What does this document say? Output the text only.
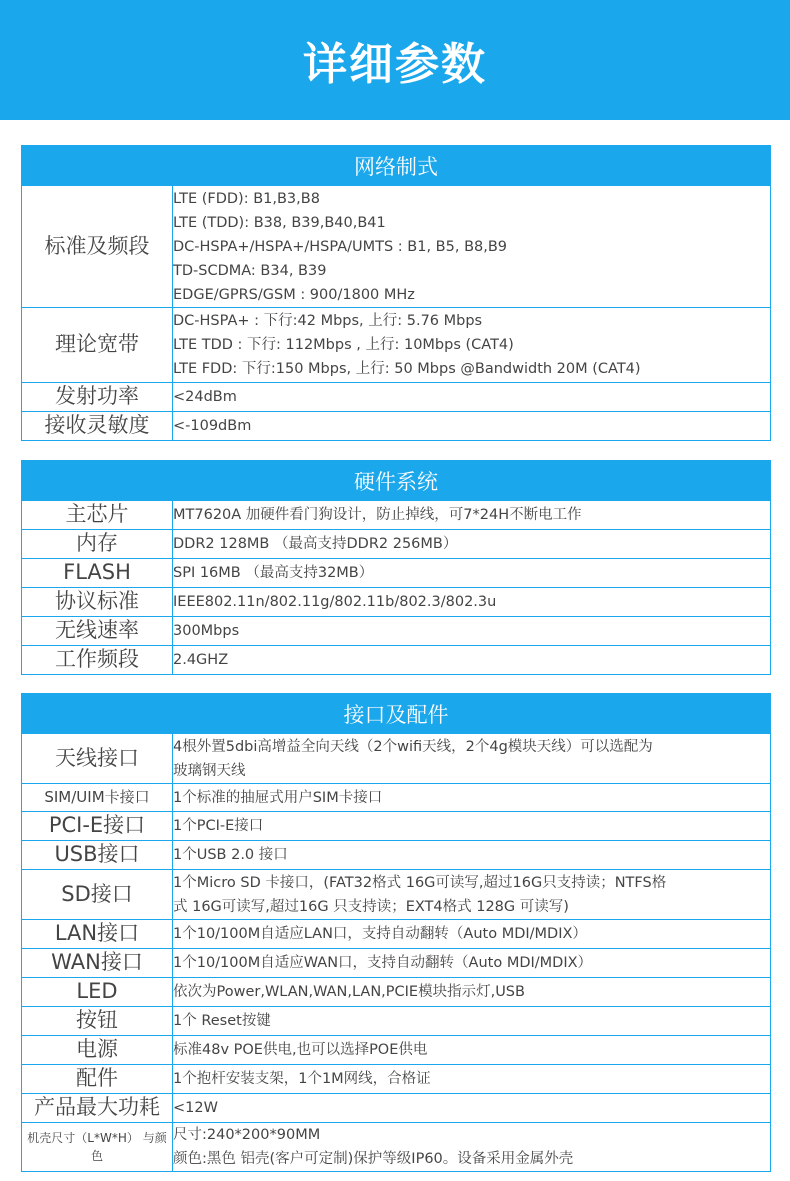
详细参数
网络制式	
标准及频段	LTE (FDD): B1,B3,B8
LTE (TDD): B38, B39,B40,B41
DC-HSPA+/HSPA+/HSPA/UMTS : B1, B5, B8,B9
TD-SCDMA: B34, B39
EDGE/GPRS/GSM : 900/1800 MHz

理论宽带	DC-HSPA+ : 下行:42 Mbps, 上行: 5.76 Mbps
LTE TDD : 下行: 112Mbps , 上行: 10Mbps (CAT4)
LTE FDD: 下行:150 Mbps, 上行: 50 Mbps @Bandwidth 20M (CAT4)

发射功率	<24dBm

接收灵敏度	<-109dBm
硬件系统	
主芯片	MT7620A 加硬件看门狗设计，防止掉线，可7*24H不断电工作

内存	DDR2 128MB （最高支持DDR2 256MB）

FLASH	SPI 16MB （最高支持32MB）

协议标准	IEEE802.11n/802.11g/802.11b/802.3/802.3u

无线速率	300Mbps

工作频段	2.4GHZ
接口及配件	
天线接口	4根外置5dbi高增益全向天线（2个wifi天线，2个4g模块天线）可以选配为
玻璃钢天线

SIM/UIM卡接口	1个标准的抽屉式用户SIM卡接口

PCI-E接口	1个PCI-E接口

USB接口	1个USB 2.0 接口

SD接口	1个Micro SD 卡接口，(FAT32格式 16G可读写,超过16G只支持读；NTFS格
式 16G可读写,超过16G 只支持读；EXT4格式 128G 可读写)

LAN接口	1个10/100M自适应LAN口，支持自动翻转（Auto MDI/MDIX）

WAN接口	1个10/100M自适应WAN口，支持自动翻转（Auto MDI/MDIX）

LED	依次为Power,WLAN,WAN,LAN,PCIE模块指示灯,USB

按钮	1个 Reset按键

电源	标准48v POE供电,也可以选择POE供电

配件	1个抱杆安装支架，1个1M网线，合格证

产品最大功耗	<12W

机壳尺寸（L*W*H） 与颜色	尺寸:240*200*90MM
颜色:黑色 铝壳(客户可定制)保护等级IP60。设备采用金属外壳
